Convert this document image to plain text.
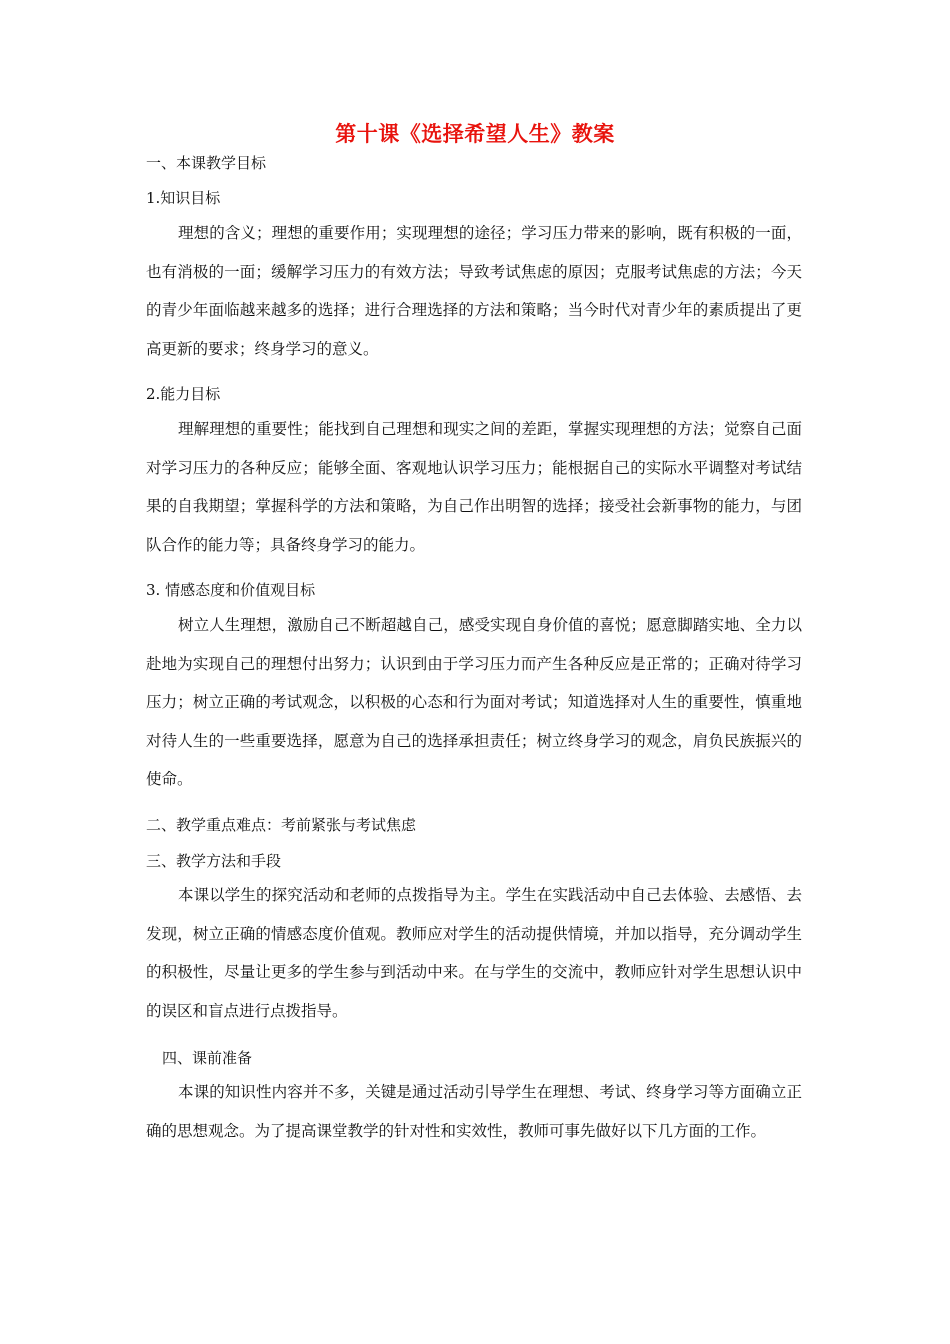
第十课《选择希望人生》教案
一、本课教学目标
1.知识目标

理想的含义；理想的重要作用；实现理想的途径；学习压力带来的影响，既有积极的一面，也有消极的一面；缓解学习压力的有效方法；导致考试焦虑的原因；克服考试焦虑的方法；今天的青少年面临越来越多的选择；进行合理选择的方法和策略；当今时代对青少年的素质提出了更高更新的要求；终身学习的意义。

2.能力目标

理解理想的重要性；能找到自己理想和现实之间的差距，掌握实现理想的方法；觉察自己面对学习压力的各种反应；能够全面、客观地认识学习压力；能根据自己的实际水平调整对考试结果的自我期望；掌握科学的方法和策略，为自己作出明智的选择；接受社会新事物的能力，与团队合作的能力等；具备终身学习的能力。

3. 情感态度和价值观目标

树立人生理想，激励自己不断超越自己，感受实现自身价值的喜悦；愿意脚踏实地、全力以赴地为实现自己的理想付出努力；认识到由于学习压力而产生各种反应是正常的；正确对待学习压力；树立正确的考试观念，以积极的心态和行为面对考试；知道选择对人生的重要性，慎重地对待人生的一些重要选择，愿意为自己的选择承担责任；树立终身学习的观念，肩负民族振兴的使命。

二、教学重点难点：考前紧张与考试焦虑
三、教学方法和手段

本课以学生的探究活动和老师的点拨指导为主。学生在实践活动中自己去体验、去感悟、去发现，树立正确的情感态度价值观。教师应对学生的活动提供情境，并加以指导，充分调动学生的积极性，尽量让更多的学生参与到活动中来。在与学生的交流中，教师应针对学生思想认识中的误区和盲点进行点拨指导。

四、课前准备

本课的知识性内容并不多，关键是通过活动引导学生在理想、考试、终身学习等方面确立正确的思想观念。为了提高课堂教学的针对性和实效性，教师可事先做好以下几方面的工作。
